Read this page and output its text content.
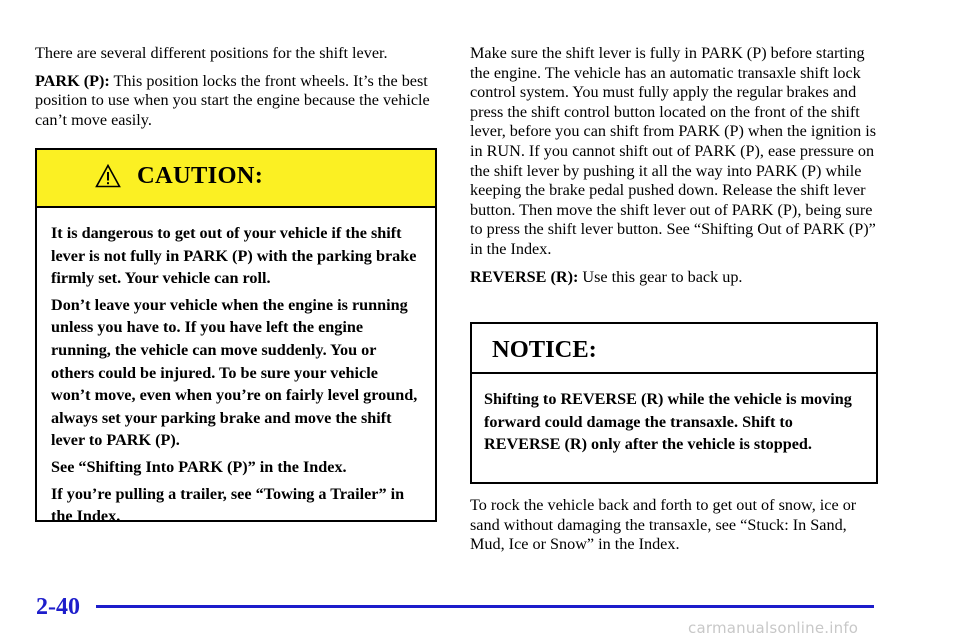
There are several different positions for the shift lever.

PARK (P): This position locks the front wheels. It’s the best position to use when you start the engine because the vehicle can’t move easily.

CAUTION:

It is dangerous to get out of your vehicle if the shift lever is not fully in PARK (P) with the parking brake firmly set. Your vehicle can roll.

Don’t leave your vehicle when the engine is running unless you have to. If you have left the engine running, the vehicle can move suddenly. You or others could be injured. To be sure your vehicle won’t move, even when you’re on fairly level ground, always set your parking brake and move the shift lever to PARK (P).

See “Shifting Into PARK (P)” in the Index.

If you’re pulling a trailer, see “Towing a Trailer” in the Index.

Make sure the shift lever is fully in PARK (P) before starting the engine. The vehicle has an automatic transaxle shift lock control system. You must fully apply the regular brakes and press the shift control button located on the front of the shift lever, before you can shift from PARK (P) when the ignition is in RUN. If you cannot shift out of PARK (P), ease pressure on the shift lever by pushing it all the way into PARK (P) while keeping the brake pedal pushed down. Release the shift lever button. Then move the shift lever out of PARK (P), being sure to press the shift lever button. See “Shifting Out of PARK (P)” in the Index.

REVERSE (R): Use this gear to back up.

NOTICE:

Shifting to REVERSE (R) while the vehicle is moving forward could damage the transaxle. Shift to REVERSE (R) only after the vehicle is stopped.

To rock the vehicle back and forth to get out of snow, ice or sand without damaging the transaxle, see “Stuck: In Sand, Mud, Ice or Snow” in the Index.

2-40
carmanualsonline.info
